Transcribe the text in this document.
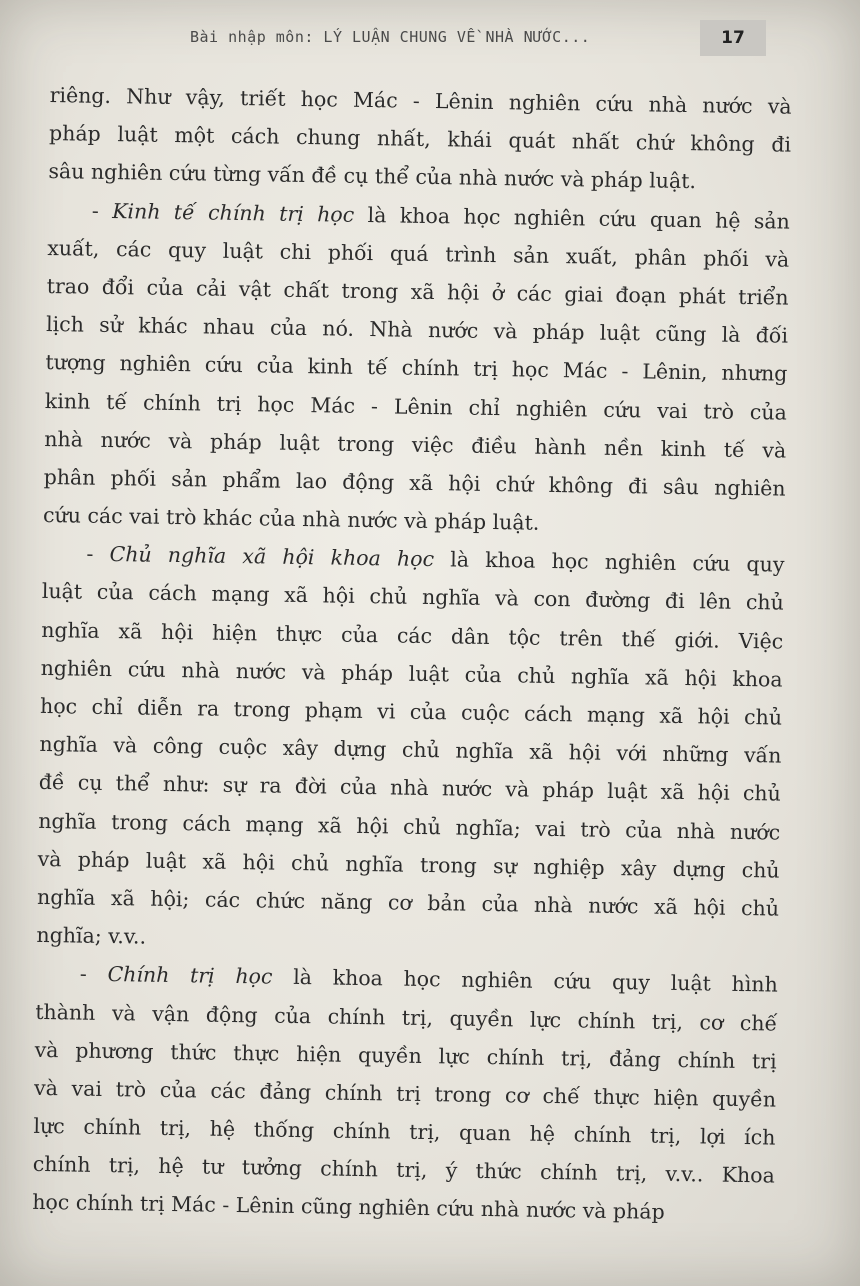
Bài nhập môn: LÝ LUẬN CHUNG VỀ NHÀ NƯỚC...	17
riêng. Như vậy, triết học Mác - Lênin nghiên cứu nhà nước và
pháp luật một cách chung nhất, khái quát nhất chứ không đi
sâu nghiên cứu từng vấn đề cụ thể của nhà nước và pháp luật.
- Kinh tế chính trị học là khoa học nghiên cứu quan hệ sản
xuất, các quy luật chi phối quá trình sản xuất, phân phối và
trao đổi của cải vật chất trong xã hội ở các giai đoạn phát triển
lịch sử khác nhau của nó. Nhà nước và pháp luật cũng là đối
tượng nghiên cứu của kinh tế chính trị học Mác - Lênin, nhưng
kinh tế chính trị học Mác - Lênin chỉ nghiên cứu vai trò của
nhà nước và pháp luật trong việc điều hành nền kinh tế và
phân phối sản phẩm lao động xã hội chứ không đi sâu nghiên
cứu các vai trò khác của nhà nước và pháp luật.
- Chủ nghĩa xã hội khoa học là khoa học nghiên cứu quy
luật của cách mạng xã hội chủ nghĩa và con đường đi lên chủ
nghĩa xã hội hiện thực của các dân tộc trên thế giới. Việc
nghiên cứu nhà nước và pháp luật của chủ nghĩa xã hội khoa
học chỉ diễn ra trong phạm vi của cuộc cách mạng xã hội chủ
nghĩa và công cuộc xây dựng chủ nghĩa xã hội với những vấn
đề cụ thể như: sự ra đời của nhà nước và pháp luật xã hội chủ
nghĩa trong cách mạng xã hội chủ nghĩa; vai trò của nhà nước
và pháp luật xã hội chủ nghĩa trong sự nghiệp xây dựng chủ
nghĩa xã hội; các chức năng cơ bản của nhà nước xã hội chủ
nghĩa; v.v..
- Chính trị học là khoa học nghiên cứu quy luật hình
thành và vận động của chính trị, quyền lực chính trị, cơ chế
và phương thức thực hiện quyền lực chính trị, đảng chính trị
và vai trò của các đảng chính trị trong cơ chế thực hiện quyền
lực chính trị, hệ thống chính trị, quan hệ chính trị, lợi ích
chính trị, hệ tư tưởng chính trị, ý thức chính trị, v.v.. Khoa
học chính trị Mác - Lênin cũng nghiên cứu nhà nước và pháp
